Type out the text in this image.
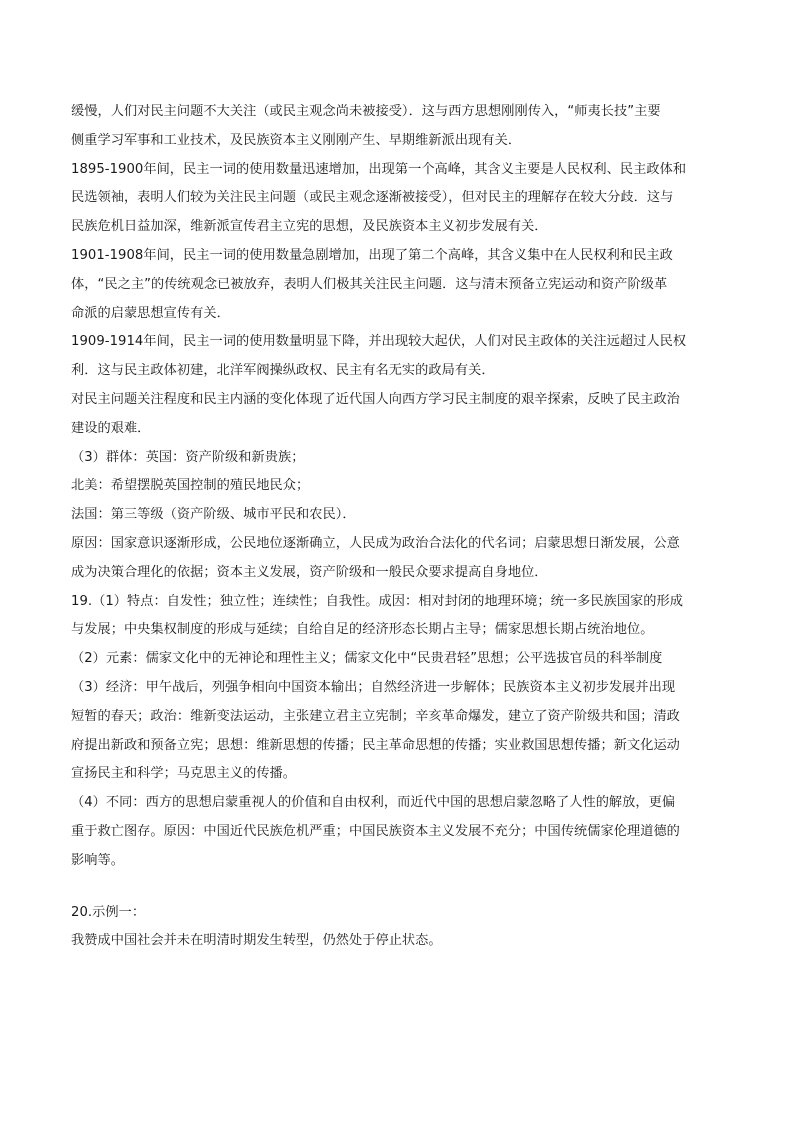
缓慢，人们对民主问题不大关注（或民主观念尚未被接受）．这与西方思想刚刚传入，“师夷长技”主要
侧重学习军事和工业技术，及民族资本主义刚刚产生、早期维新派出现有关．
1895-1900年间，民主一词的使用数量迅速增加，出现第一个高峰，其含义主要是人民权利、民主政体和
民选领袖，表明人们较为关注民主问题（或民主观念逐渐被接受），但对民主的理解存在较大分歧．这与
民族危机日益加深，维新派宣传君主立宪的思想，及民族资本主义初步发展有关．
1901-1908年间，民主一词的使用数量急剧增加，出现了第二个高峰，其含义集中在人民权利和民主政
体，“民之主”的传统观念已被放弃，表明人们极其关注民主问题．这与清末预备立宪运动和资产阶级革
命派的启蒙思想宣传有关．
1909-1914年间，民主一词的使用数量明显下降，并出现较大起伏，人们对民主政体的关注远超过人民权
利．这与民主政体初建，北洋军阀操纵政权、民主有名无实的政局有关．
对民主问题关注程度和民主内涵的变化体现了近代国人向西方学习民主制度的艰辛探索，反映了民主政治
建设的艰难．
（3）群体：英国：资产阶级和新贵族；
北美：希望摆脱英国控制的殖民地民众；
法国：第三等级（资产阶级、城市平民和农民）．
原因：国家意识逐渐形成，公民地位逐渐确立，人民成为政治合法化的代名词；启蒙思想日渐发展，公意
成为决策合理化的依据；资本主义发展，资产阶级和一般民众要求提高自身地位．
19.（1）特点：自发性；独立性；连续性；自我性。成因：相对封闭的地理环境；统一多民族国家的形成
与发展；中央集权制度的形成与延续；自给自足的经济形态长期占主导；儒家思想长期占统治地位。
（2）元素：儒家文化中的无神论和理性主义；儒家文化中“民贵君轻”思想；公平选拔官员的科举制度
（3）经济：甲午战后，列强争相向中国资本输出；自然经济进一步解体；民族资本主义初步发展并出现
短暂的春天；政治：维新变法运动，主张建立君主立宪制；辛亥革命爆发，建立了资产阶级共和国；清政
府提出新政和预备立宪；思想：维新思想的传播；民主革命思想的传播；实业救国思想传播；新文化运动
宣扬民主和科学；马克思主义的传播。
（4）不同：西方的思想启蒙重视人的价值和自由权利，而近代中国的思想启蒙忽略了人性的解放，更偏
重于救亡图存。原因：中国近代民族危机严重；中国民族资本主义发展不充分；中国传统儒家伦理道德的
影响等。
20.示例一：
我赞成中国社会并未在明清时期发生转型，仍然处于停止状态。
